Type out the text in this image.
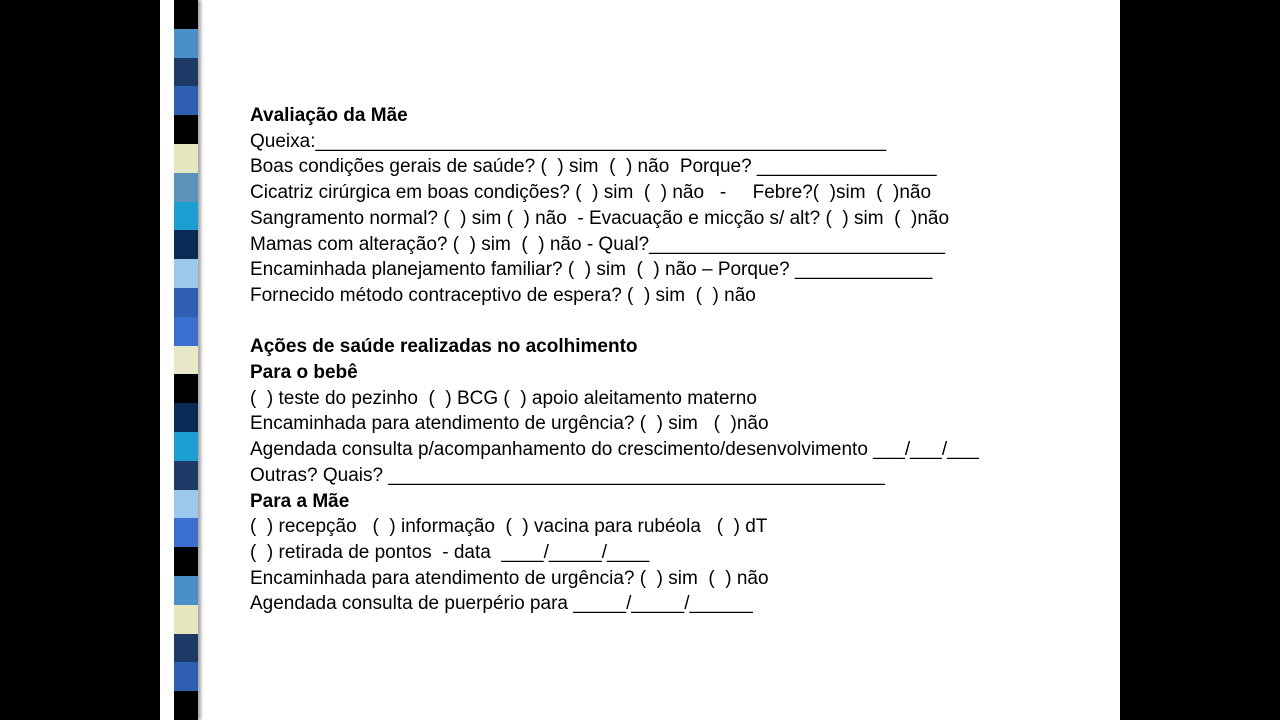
Avaliação da Mãe
Queixa:______________________________________________________
Boas condições gerais de saúde? (  ) sim  (  ) não  Porque? _________________
Cicatriz cirúrgica em boas condições? (  ) sim  (  ) não   -     Febre?(  )sim  (  )não
Sangramento normal? (  ) sim (  ) não  - Evacuação e micção s/ alt? (  ) sim  (  )não
Mamas com alteração? (  ) sim  (  ) não - Qual?____________________________
Encaminhada planejamento familiar? (  ) sim  (  ) não – Porque? _____________
Fornecido método contraceptivo de espera? (  ) sim  (  ) não
Ações de saúde realizadas no acolhimento
Para o bebê
(  ) teste do pezinho  (  ) BCG (  ) apoio aleitamento materno
Encaminhada para atendimento de urgência? (  ) sim   (  )não
Agendada consulta p/acompanhamento do crescimento/desenvolvimento ___/___/___
Outras? Quais? _______________________________________________
Para a Mãe
(  ) recepção   (  ) informação  (  ) vacina para rubéola   (  ) dT
(  ) retirada de pontos  - data  ____/_____/____
Encaminhada para atendimento de urgência? (  ) sim  (  ) não
Agendada consulta de puerpério para _____/_____/______
